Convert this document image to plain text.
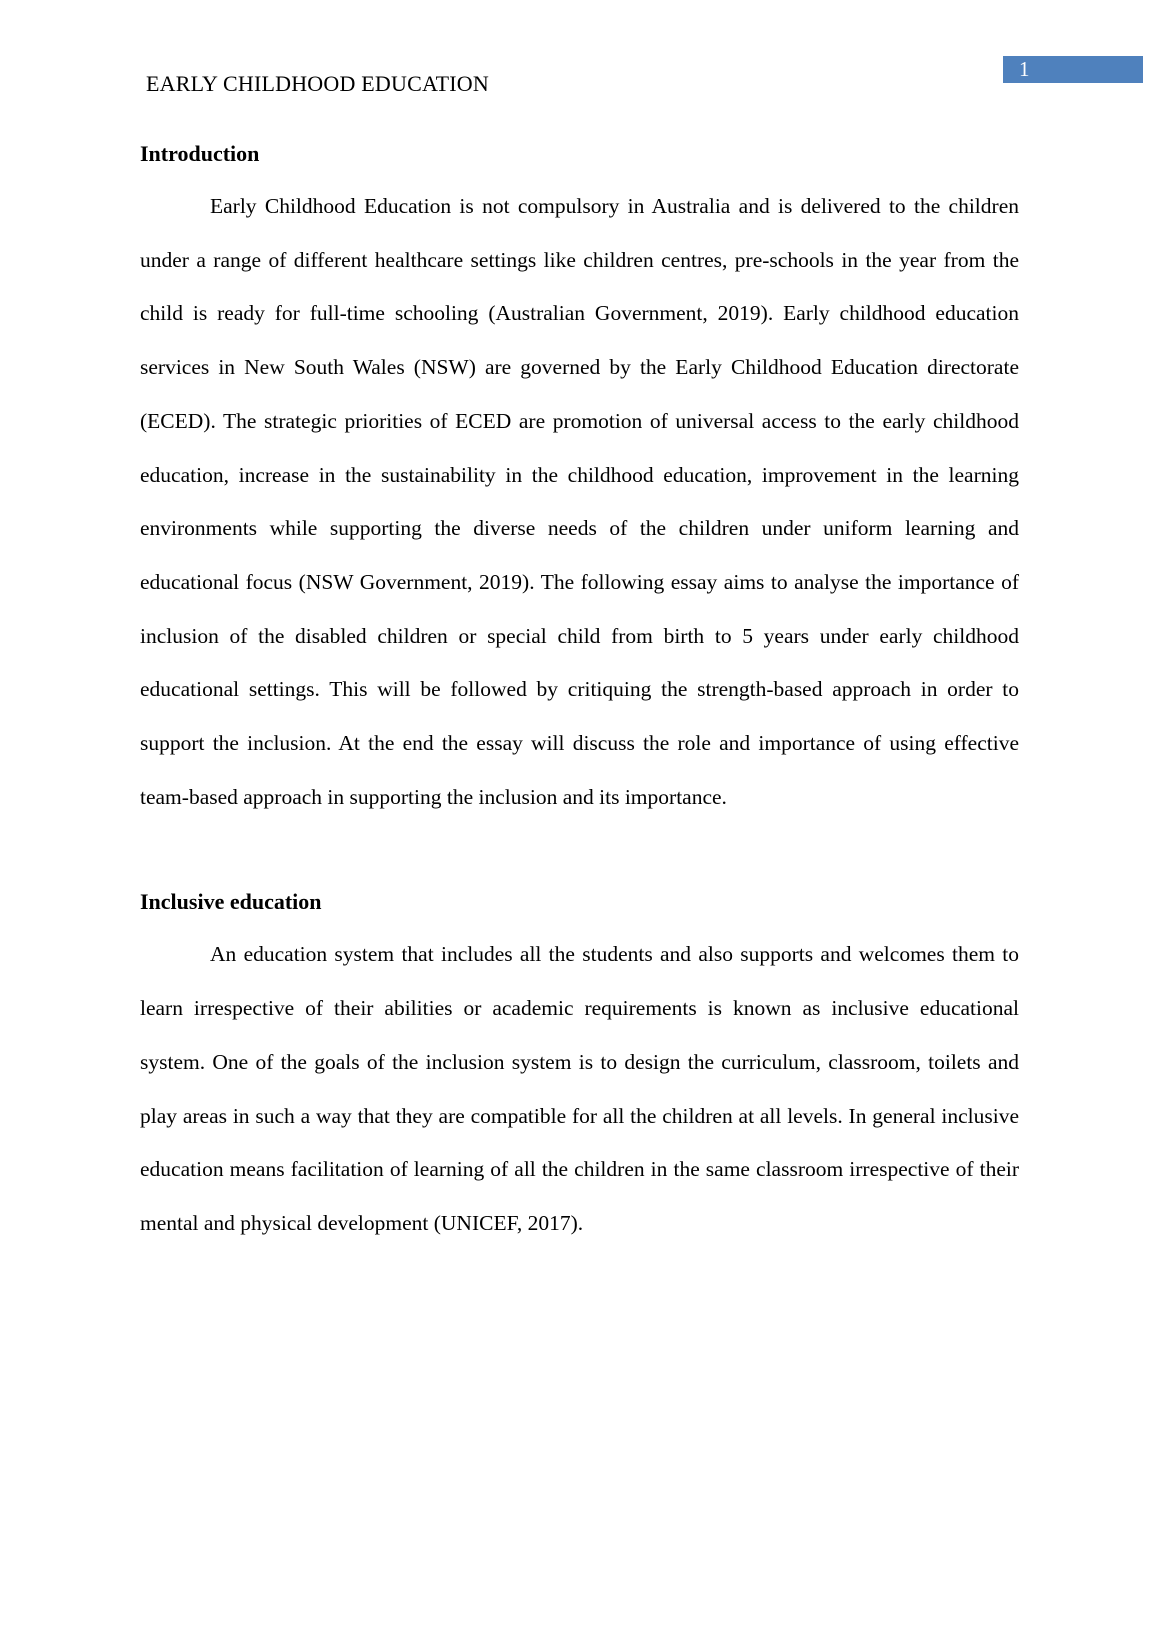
EARLY CHILDHOOD EDUCATION
1
Introduction

Early Childhood Education is not compulsory in Australia and is delivered to the children under a range of different healthcare settings like children centres, pre-schools in the year from the child is ready for full-time schooling (Australian Government, 2019). Early childhood education services in New South Wales (NSW) are governed by the Early Childhood Education directorate (ECED). The strategic priorities of ECED are promotion of universal access to the early childhood education, increase in the sustainability in the childhood education, improvement in the learning environments while supporting the diverse needs of the children under uniform learning and educational focus (NSW Government, 2019). The following essay aims to analyse the importance of inclusion of the disabled children or special child from birth to 5 years under early childhood educational settings. This will be followed by critiquing the strength-based approach in order to support the inclusion. At the end the essay will discuss the role and importance of using effective team-based approach in supporting the inclusion and its importance.

Inclusive education

An education system that includes all the students and also supports and welcomes them to learn irrespective of their abilities or academic requirements is known as inclusive educational system. One of the goals of the inclusion system is to design the curriculum, classroom, toilets and play areas in such a way that they are compatible for all the children at all levels. In general inclusive education means facilitation of learning of all the children in the same classroom irrespective of their mental and physical development (UNICEF, 2017).
